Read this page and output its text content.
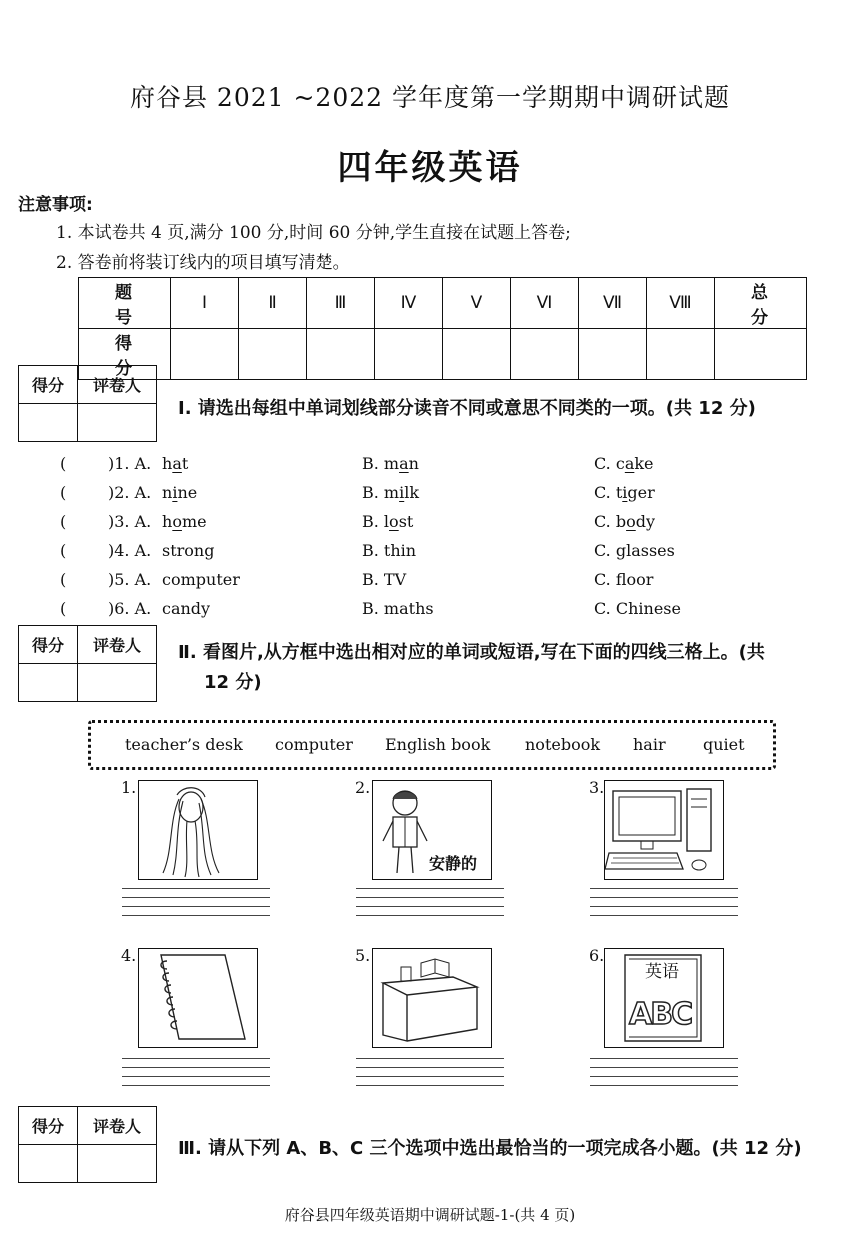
府谷县 2021 ~2022 学年度第一学期期中调研试题
四年级英语
注意事项:
1. 本试卷共 4 页,满分 100 分,时间 60 分钟,学生直接在试题上答卷;
2. 答卷前将装订线内的项目填写清楚。
题　号	Ⅰ	Ⅱ	Ⅲ	Ⅳ	Ⅴ	Ⅵ	Ⅶ	Ⅷ	总　分
得　分									
得分	评卷人

Ⅰ. 请选出每组中单词划线部分读音不同或意思不同类的一项。(共 12 分)
(	)1. A. hat	B. man	C. cake
(	)2. A. nine	B. milk	C. tiger
(	)3. A. home	B. lost	C. body
(	)4. A. strong	B. thin	C. glasses
(	)5. A. computer	B. TV	C. floor
(	)6. A. candy	B. maths	C. Chinese
得分	评卷人
	Ⅱ. 看图片,从方框中选出相对应的单词或短语,写在下面的四线三格上。(共
12 分)
teacher’s desk computer English book notebook hair quiet
1.	2.
安静的
3.
4.	5.	6.
英语
ABC
得分	评卷人

Ⅲ. 请从下列 A、B、C 三个选项中选出最恰当的一项完成各小题。(共 12 分)
府谷县四年级英语期中调研试题-1-(共 4 页)
